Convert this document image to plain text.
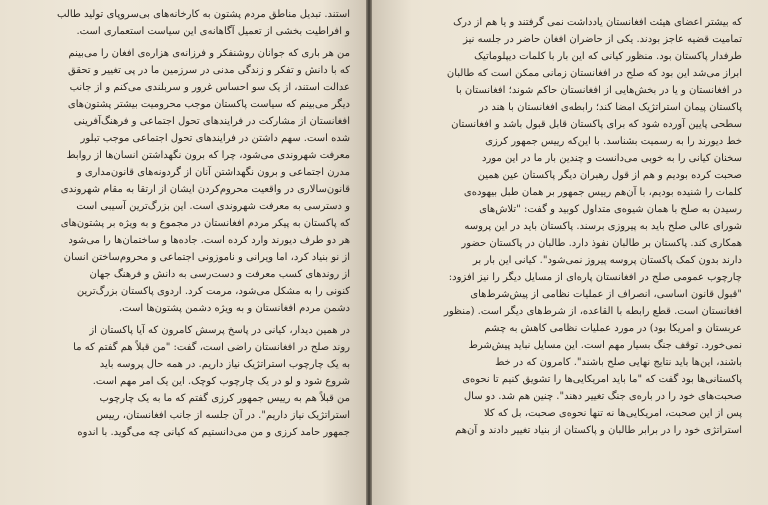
استند. تبدیل مناطق مردم پشتون به کارخانه‌های بی‌سروپای تولید طالب
و افراطیت بخشی از تعمیل آگاهانه‌ی این سیاست استعماری است.

من هر باری که جوانان روشنفکر و فرزانه‌ی هزاره‌ی افغان را می‌بینم
که با دانش و تفکر و زندگی مدنی در سرزمین ما در پی تغییر و تحقق
عدالت استند، از یک سو احساس غرور و سربلندی می‌کنم و از جانب
دیگر می‌بینم که سیاست پاکستان موجب محرومیت بیشتر پشتون‌های
افغانستان از مشارکت در فرایندهای تحول اجتماعی و فرهنگ‌آفرینی
شده است. سهم داشتن در فرایندهای تحول اجتماعی موجب تبلور
معرفت شهروندی می‌شود، چرا که برون نگهداشتن انسان‌ها از روابط
مدرن اجتماعی و برون نگهداشتن آنان از گردونه‌های قانون‌مداری و
قانون‌سالاری در واقعیت محروم‌کردن ایشان از ارتقا به مقام شهروندی
و دسترسی به معرفت شهروندی است. این بزرگ‌ترین آسیبی است
که پاکستان به پیکر مردم افغانستان در مجموع و به ویژه بر پشتون‌های
هر دو طرف دیورند وارد کرده است. جاده‌ها و ساختمان‌ها را می‌شود
از نو بنیاد کرد، اما ویرانی و ناموزونی اجتماعی و محروم‌ساختن انسان
از روندهای کسب معرفت و دست‌رسی به دانش و فرهنگ جهان
کنونی را به مشکل می‌شود، مرمت کرد. اردوی پاکستان بزرگ‌ترین
دشمن مردم افغانستان و به ویژه دشمن پشتون‌ها است.

در همین دیدار، کیانی در پاسخ پرسش کامرون که آیا پاکستان از
روند صلح در افغانستان راضی است، گفت: "من قبلاً هم گفتم که ما
به یک چارچوب استراتژیک نیاز داریم. در همه حال پروسه باید
شروع شود و لو در یک چارچوب کوچک. این یک امر مهم است.
من قبلاً هم به رییس جمهور کرزی گفتم که ما به یک چارچوب
استراتژیک نیاز داریم". در آن جلسه از جانب افغانستان، رییس
جمهور حامد کرزی و من می‌دانستیم که کیانی چه می‌گوید. با اندوه

که بیشتر اعضای هیئت افغانستان یادداشت نمی گرفتند و یا هم از درک
تمامیت قضیه عاجز بودند. یکی از حاضران افغان حاضر در جلسه نیز
طرفدار پاکستان بود. منظور کیانی که این بار با کلمات دیپلوماتیک
ابراز می‌شد این بود که صلح در افغانستان زمانی ممکن است که طالبان
در افغانستان و یا در بخش‌هایی از افغانستان حاکم شوند؛ افغانستان با
پاکستان پیمان استراتژیک امضا کند؛ رابطه‌ی افغانستان با هند در
سطحی پایین آورده شود که برای پاکستان قابل قبول باشد و افغانستان
خط دیورند را به رسمیت بشناسد. با این‌که رییس جمهور کرزی
سخنان کیانی را به خوبی می‌دانست و چندین بار ما در این مورد
صحبت کرده بودیم و هم از قول رهبران دیگر پاکستان عین همین
کلمات را شنیده بودیم، با آن‌هم رییس جمهور بر همان طبل بیهوده‌ی
رسیدن به صلح با همان شیوه‌ی متداول کوبید و گفت: "تلاش‌های
شورای عالی صلح باید به پیروزی برسند. پاکستان باید در این پروسه
همکاری کند. پاکستان بر طالبان نفوذ دارد. طالبان در پاکستان حضور
دارند بدون کمک پاکستان پروسه پیروز نمی‌شود". کیانی این بار بر
چارچوب عمومی صلح در افغانستان پاره‌ای از مسایل دیگر را نیز افزود:
"قبول قانون اساسی، انصراف از عملیات نظامی از پیش‌شرط‌های
افغانستان است. قطع رابطه با القاعده، از شرط‌های دیگر است. (منظور
عربستان و امریکا بود) در مورد عملیات نظامی کاهش به چشم
نمی‌خورد. توقف جنگ بسیار مهم است. این مسایل نباید پیش‌شرط
باشند، این‌ها باید نتایج نهایی صلح باشند". کامرون که در خط
پاکستانی‌ها بود گفت که "ما باید امریکایی‌ها را تشویق کنیم تا نحوه‌ی
صحبت‌های خود را در باره‌ی جنگ تغییر دهند". چنین هم شد. دو سال
پس از این صحبت، امریکایی‌ها نه تنها نحوه‌ی صحبت، بل که کلا
استراتژی خود را در برابر طالبان و پاکستان از بنیاد تغییر دادند و آن‌هم
